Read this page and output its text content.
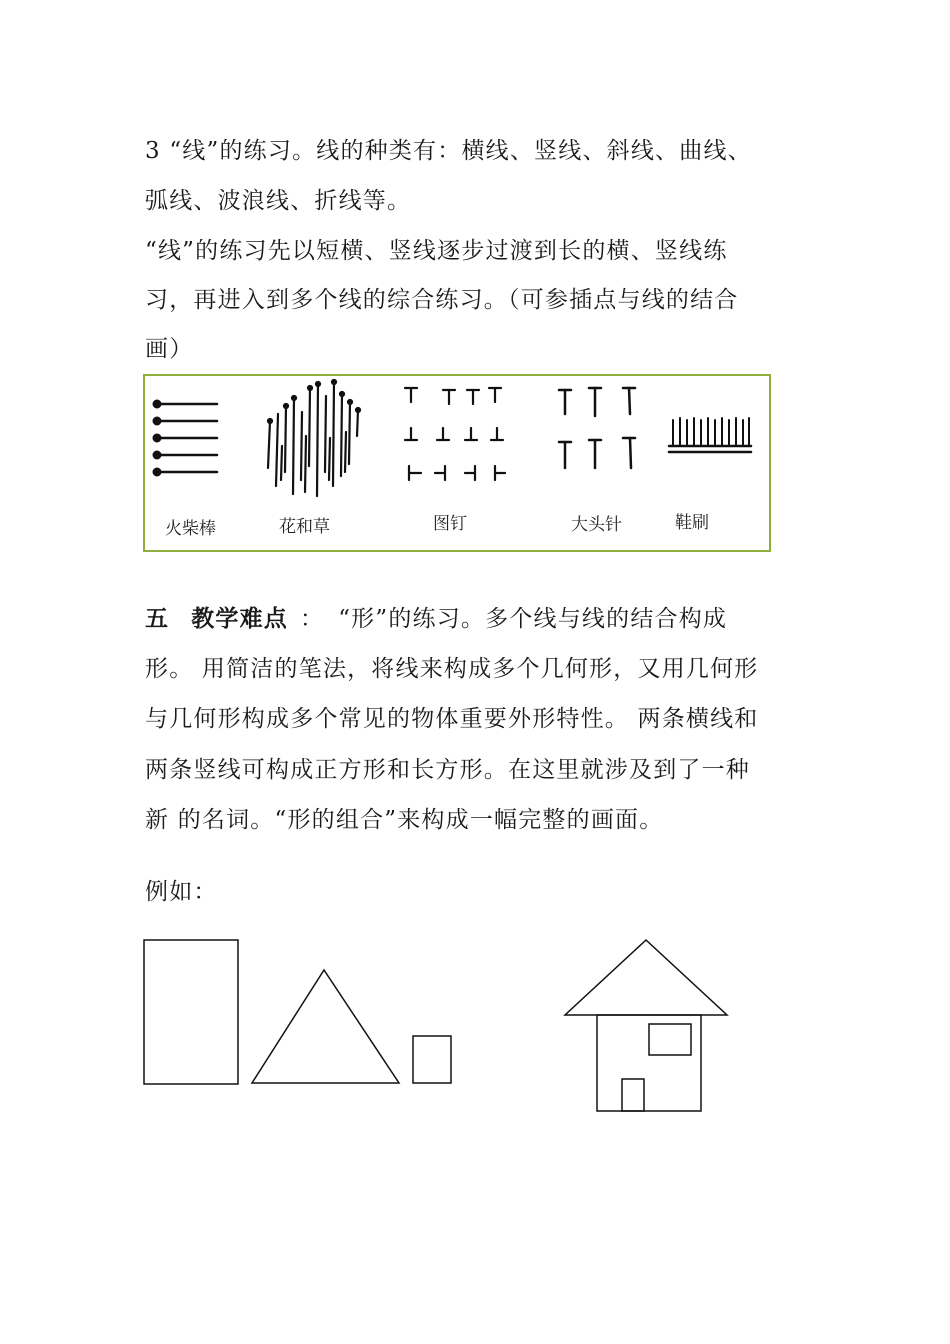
3 “线”的练习。线的种类有：横线、竖线、斜线、曲线、
弧线、波浪线、折线等。
“线”的练习先以短横、竖线逐步过渡到长的横、竖线练
习，再进入到多个线的综合练习。（可参插点与线的结合
画）
火柴棒	花和草	图钉	大头针	鞋刷
五 教学难点 ： “形”的练习。多个线与线的结合构成
形。 用简洁的笔法，将线来构成多个几何形，又用几何形
与几何形构成多个常见的物体重要外形特性。 两条横线和
两条竖线可构成正方形和长方形。在这里就涉及到了一种
新 的名词。“形的组合”来构成一幅完整的画面。
例如：
